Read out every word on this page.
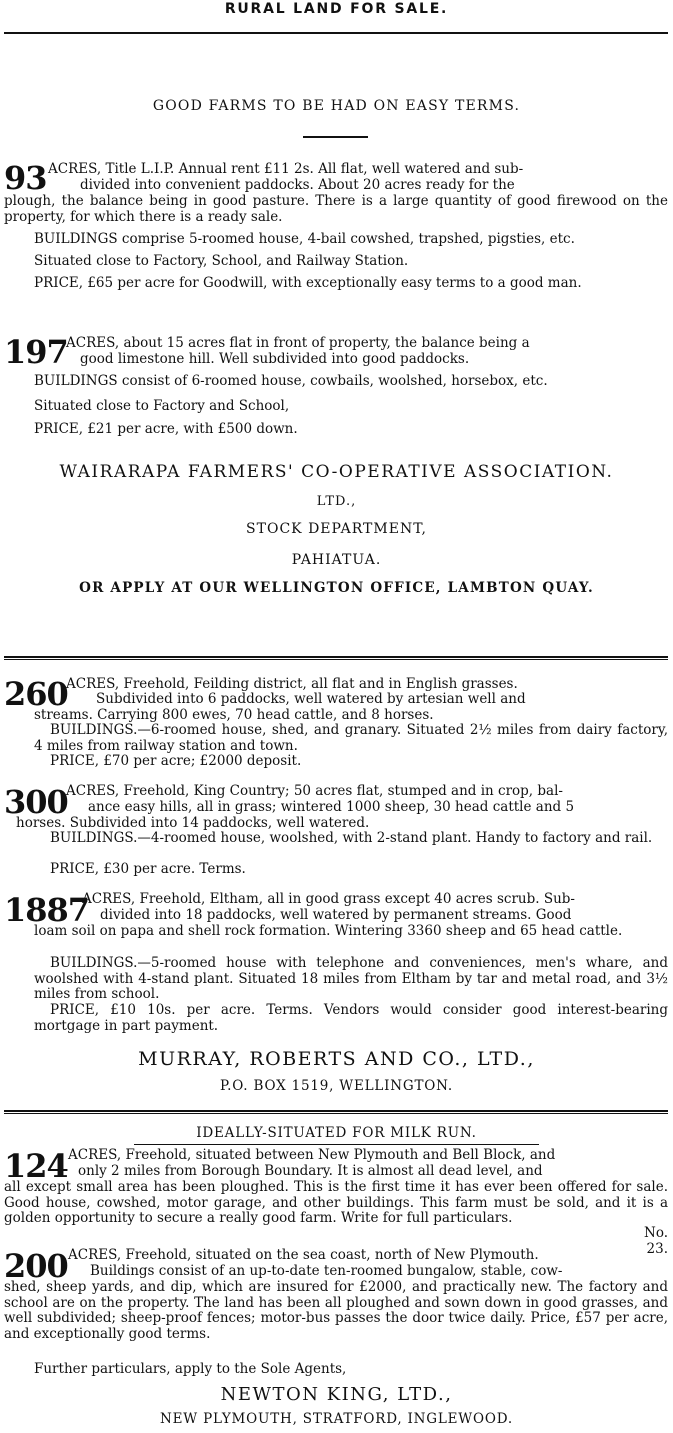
RURAL LAND FOR SALE.
GOOD FARMS TO BE HAD ON EASY TERMS.
93 ACRES, Title L.I.P. Annual rent £11 2s. All flat, well watered and sub-
divided into convenient paddocks. About 20 acres ready for the
plough, the balance being in good pasture. There is a large quantity of good firewood on the property, for which there is a ready sale.
BUILDINGS comprise 5-roomed house, 4-bail cowshed, trapshed, pigsties, etc.
Situated close to Factory, School, and Railway Station.
PRICE, £65 per acre for Goodwill, with exceptionally easy terms to a good man.
197
ACRES, about 15 acres flat in front of property, the balance being a
good limestone hill. Well subdivided into good paddocks.
BUILDINGS consist of 6-roomed house, cowbails, woolshed, horsebox, etc.
Situated close to Factory and School,
PRICE, £21 per acre, with £500 down.
WAIRARAPA FARMERS' CO-OPERATIVE ASSOCIATION.
LTD.,
STOCK DEPARTMENT,
PAHIATUA.
OR APPLY AT OUR WELLINGTON OFFICE, LAMBTON QUAY.
260
ACRES, Freehold, Feilding district, all flat and in English grasses.
Subdivided into 6 paddocks, well watered by artesian well and
streams. Carrying 800 ewes, 70 head cattle, and 8 horses.
BUILDINGS.—6-roomed house, shed, and granary. Situated 2½ miles from dairy factory, 4 miles from railway station and town.
PRICE, £70 per acre; £2000 deposit.
300
ACRES, Freehold, King Country; 50 acres flat, stumped and in crop, bal-
ance easy hills, all in grass; wintered 1000 sheep, 30 head cattle and 5
horses. Subdivided into 14 paddocks, well watered.
BUILDINGS.—4-roomed house, woolshed, with 2-stand plant. Handy to factory and rail.
PRICE, £30 per acre. Terms.
1887
ACRES, Freehold, Eltham, all in good grass except 40 acres scrub. Sub-
divided into 18 paddocks, well watered by permanent streams. Good
loam soil on papa and shell rock formation. Wintering 3360 sheep and 65 head cattle.
BUILDINGS.—5-roomed house with telephone and conveniences, men's whare, and woolshed with 4-stand plant. Situated 18 miles from Eltham by tar and metal road, and 3½ miles from school.
PRICE, £10 10s. per acre. Terms. Vendors would consider good interest-bearing mortgage in part payment.
MURRAY, ROBERTS AND CO., LTD.,
P.O. BOX 1519, WELLINGTON.
IDEALLY-SITUATED FOR MILK RUN.
124 ACRES, Freehold, situated between New Plymouth and Bell Block, and
only 2 miles from Borough Boundary. It is almost all dead level, and
all except small area has been ploughed. This is the first time it has ever been offered for sale. Good house, cowshed, motor garage, and other buildings. This farm must be sold, and it is a golden opportunity to secure a really good farm. Write for full particulars.
No. 23.
200 ACRES, Freehold, situated on the sea coast, north of New Plymouth.
Buildings consist of an up-to-date ten-roomed bungalow, stable, cow-
shed, sheep yards, and dip, which are insured for £2000, and practically new. The factory and school are on the property. The land has been all ploughed and sown down in good grasses, and well subdivided; sheep-proof fences; motor-bus passes the door twice daily. Price, £57 per acre, and exceptionally good terms.
Further particulars, apply to the Sole Agents,
NEWTON KING, LTD.,
NEW PLYMOUTH, STRATFORD, INGLEWOOD.
